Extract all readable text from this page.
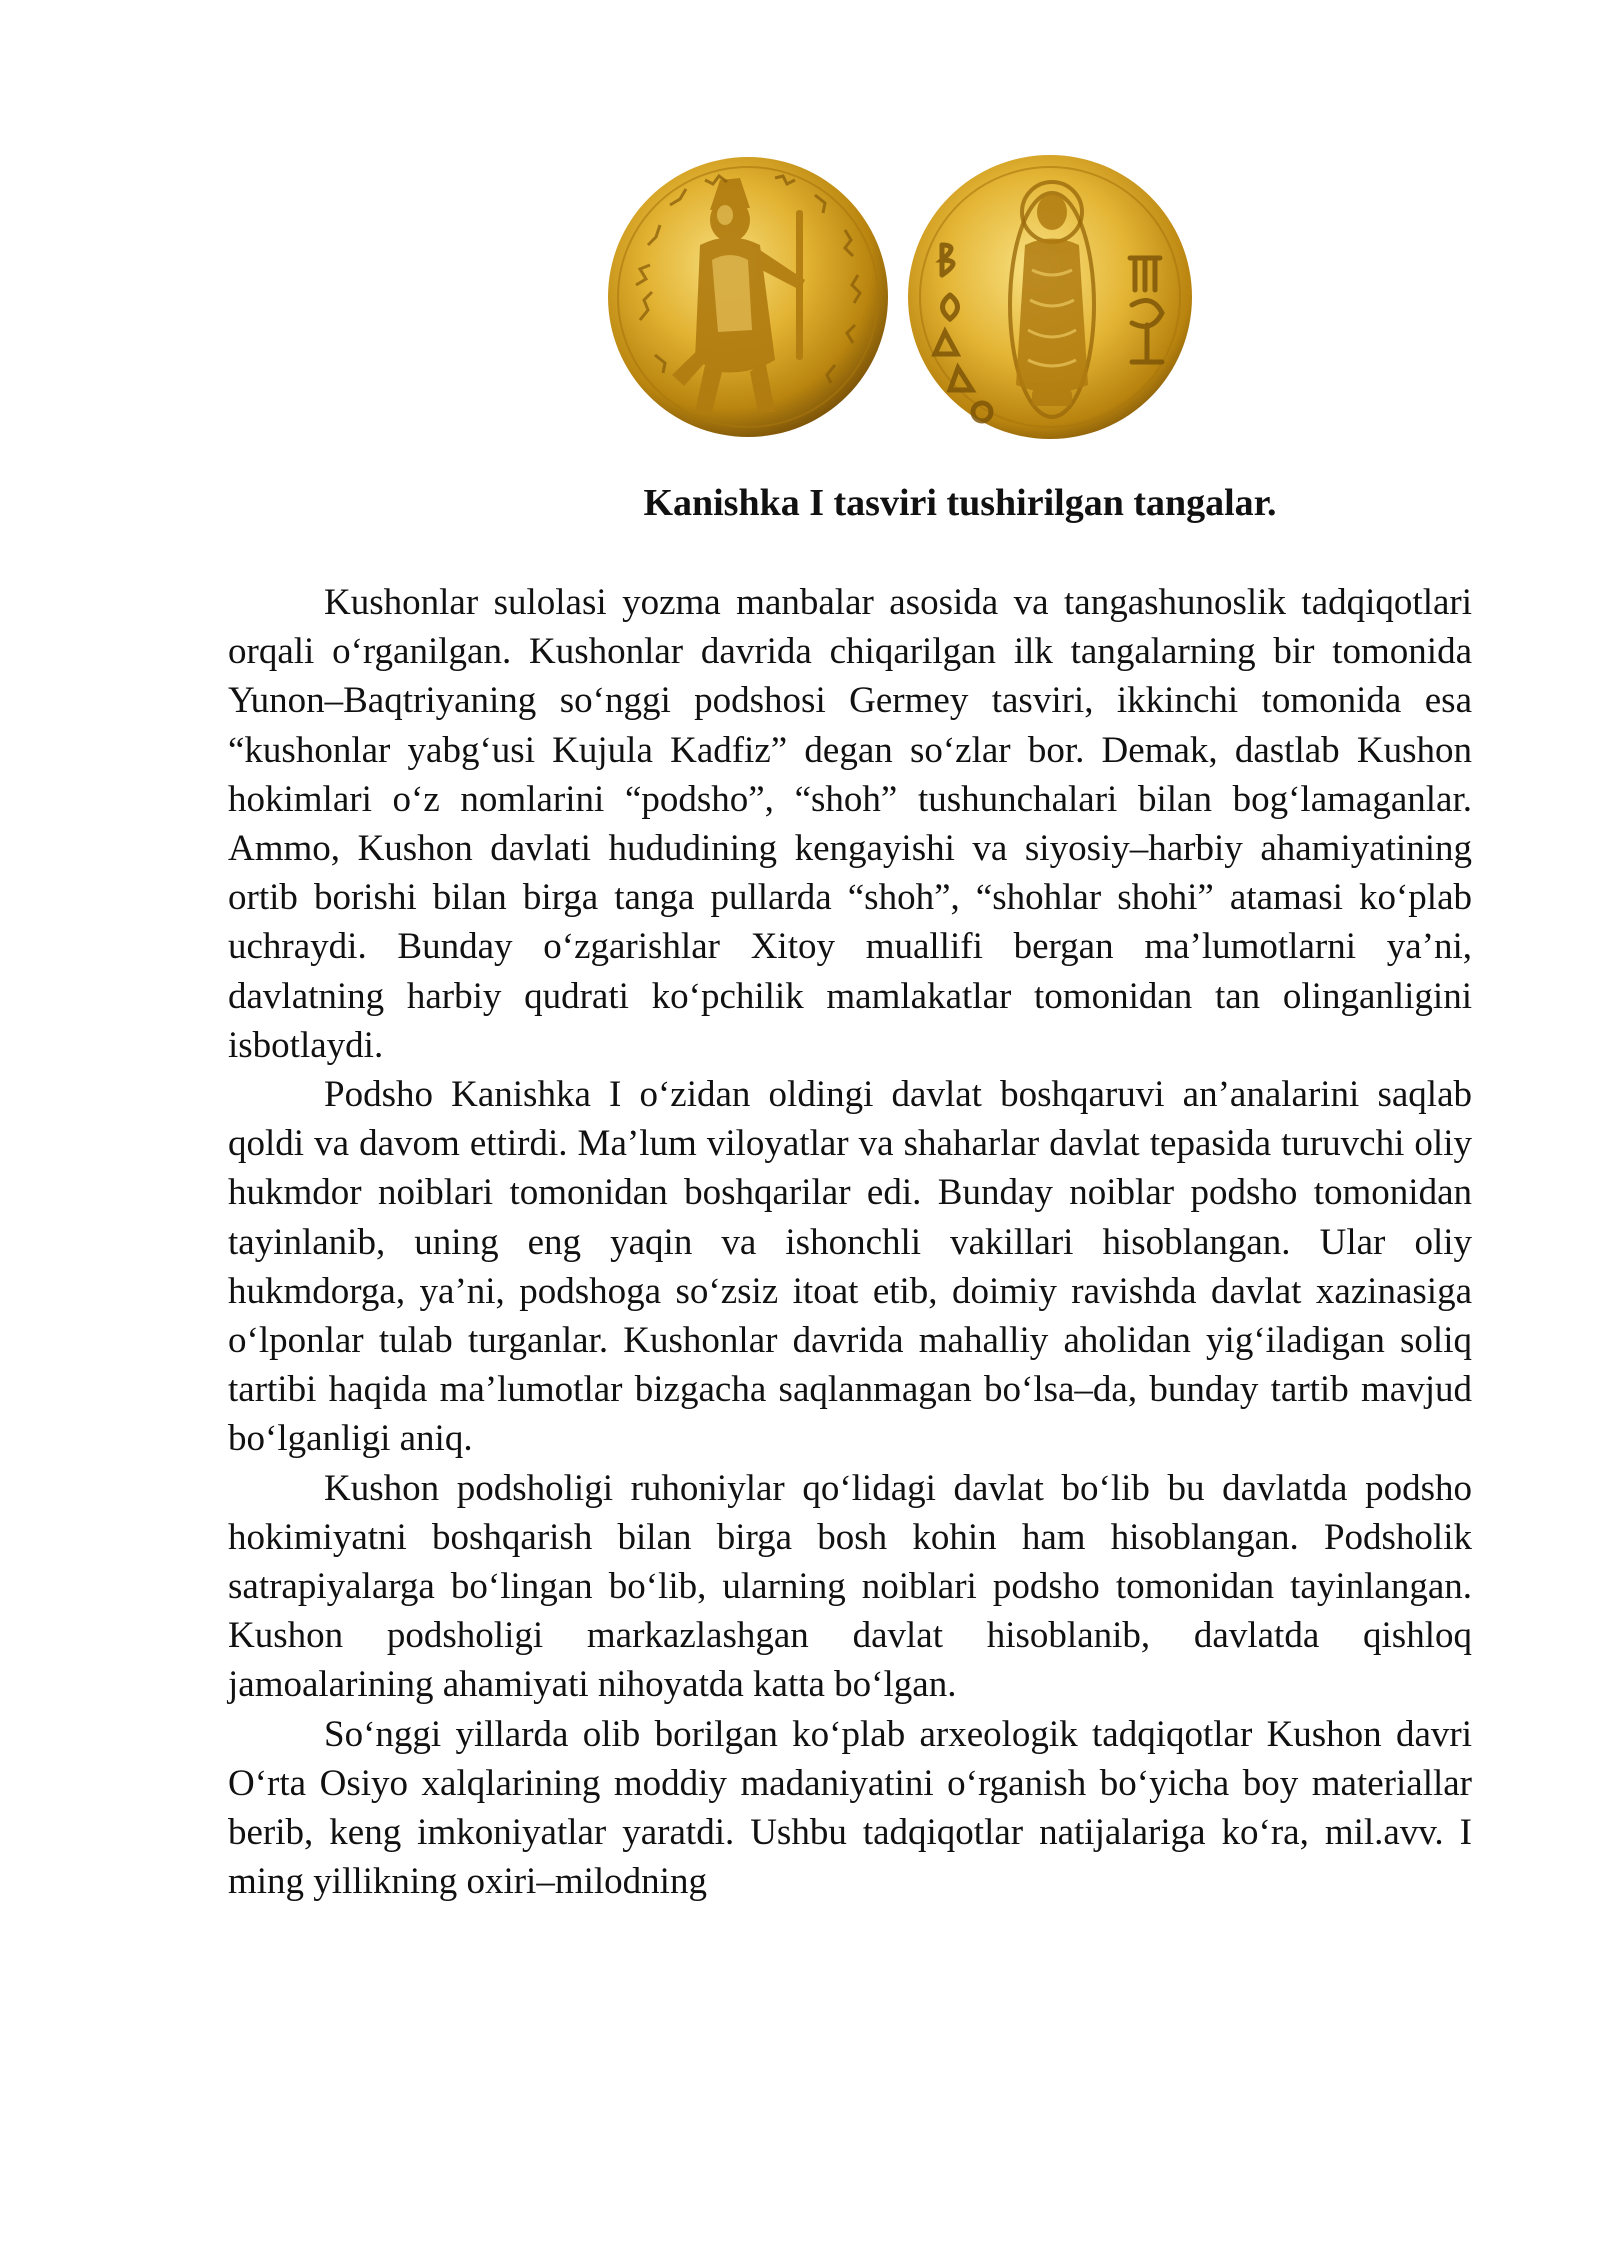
Kanishka I tasviri tushirilgan tangalar.

Kushonlar sulolasi yozma manbalar asosida va tangashunoslik tadqiqotlari orqali oʻrganilgan. Kushonlar davrida chiqarilgan ilk tangalarning bir tomonida Yunon–Baqtriyaning soʻnggi podshosi Germey tasviri, ikkinchi tomonida esa “kushonlar yabgʻusi Kujula Kadfiz” degan soʻzlar bor. Demak, dastlab Kushon hokimlari oʻz nomlarini “podsho”, “shoh” tushunchalari bilan bogʻlamaganlar. Ammo, Kushon davlati hududining kengayishi va siyosiy–harbiy ahamiyatining ortib borishi bilan birga tanga pullarda “shoh”, “shohlar shohi” atamasi koʻplab uchraydi. Bunday oʻzgarishlar Xitoy muallifi bergan maʼlumotlarni yaʼni, davlatning harbiy qudrati koʻpchilik mamlakatlar tomonidan tan olinganligini isbotlaydi.

Podsho Kanishka I oʻzidan oldingi davlat boshqaruvi anʼanalarini saqlab qoldi va davom ettirdi. Maʼlum viloyatlar va shaharlar davlat tepasida turuvchi oliy hukmdor noiblari tomonidan boshqarilar edi. Bunday noiblar podsho tomonidan tayinlanib, uning eng yaqin va ishonchli vakillari hisoblangan. Ular oliy hukmdorga, yaʼni, podshoga soʻzsiz itoat etib, doimiy ravishda davlat xazinasiga oʻlponlar tulab turganlar. Kushonlar davrida mahalliy aholidan yigʻiladigan soliq tartibi haqida maʼlumotlar bizgacha saqlanmagan boʻlsa–da, bunday tartib mavjud boʻlganligi aniq.

Kushon podsholigi ruhoniylar qoʻlidagi davlat boʻlib bu davlatda podsho hokimiyatni boshqarish bilan birga bosh kohin ham hisoblangan. Podsholik satrapiyalarga boʻlingan boʻlib, ularning noiblari podsho tomonidan tayinlangan. Kushon podsholigi markazlashgan davlat hisoblanib, davlatda qishloq jamoalarining ahamiyati nihoyatda katta boʻlgan.

Soʻnggi yillarda olib borilgan koʻplab arxeologik tadqiqotlar Kushon davri Oʻrta Osiyo xalqlarining moddiy madaniyatini oʻrganish boʻyicha boy materiallar berib, keng imkoniyatlar yaratdi. Ushbu tadqiqotlar natijalariga koʻra, mil.avv. I ming yillikning oxiri–milodning
